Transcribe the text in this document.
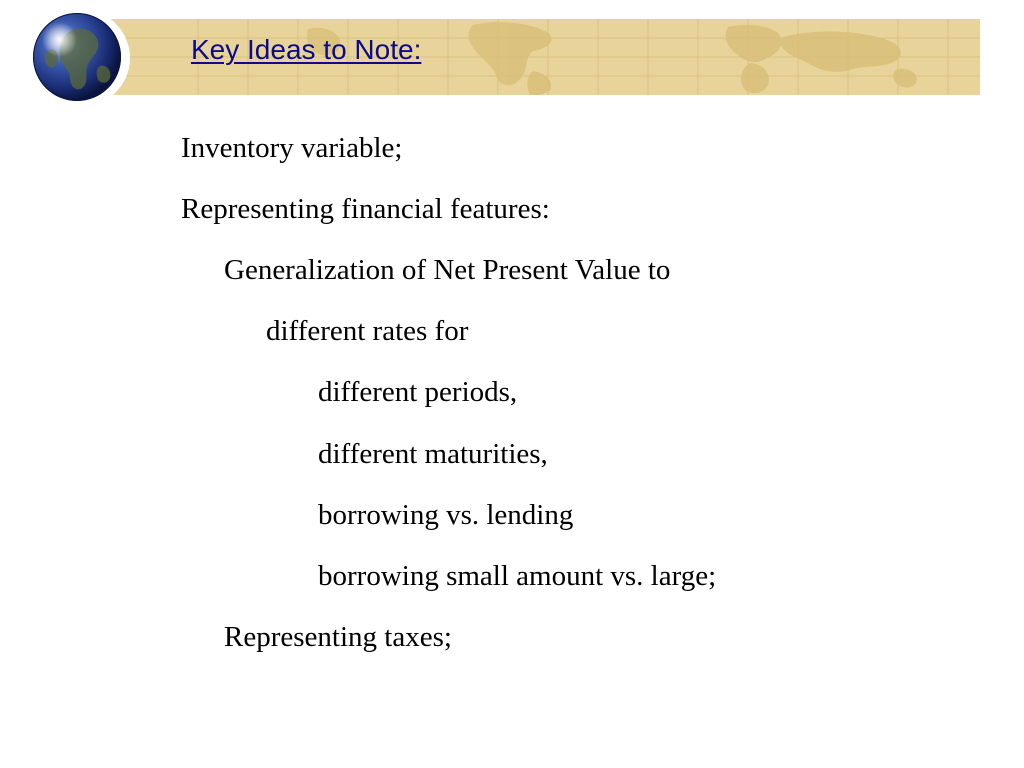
Key Ideas to Note:

Inventory variable;

Representing financial features:

Generalization of Net Present Value to

different rates for

different periods,

different maturities,

borrowing vs. lending

borrowing small amount vs. large;

Representing taxes;
